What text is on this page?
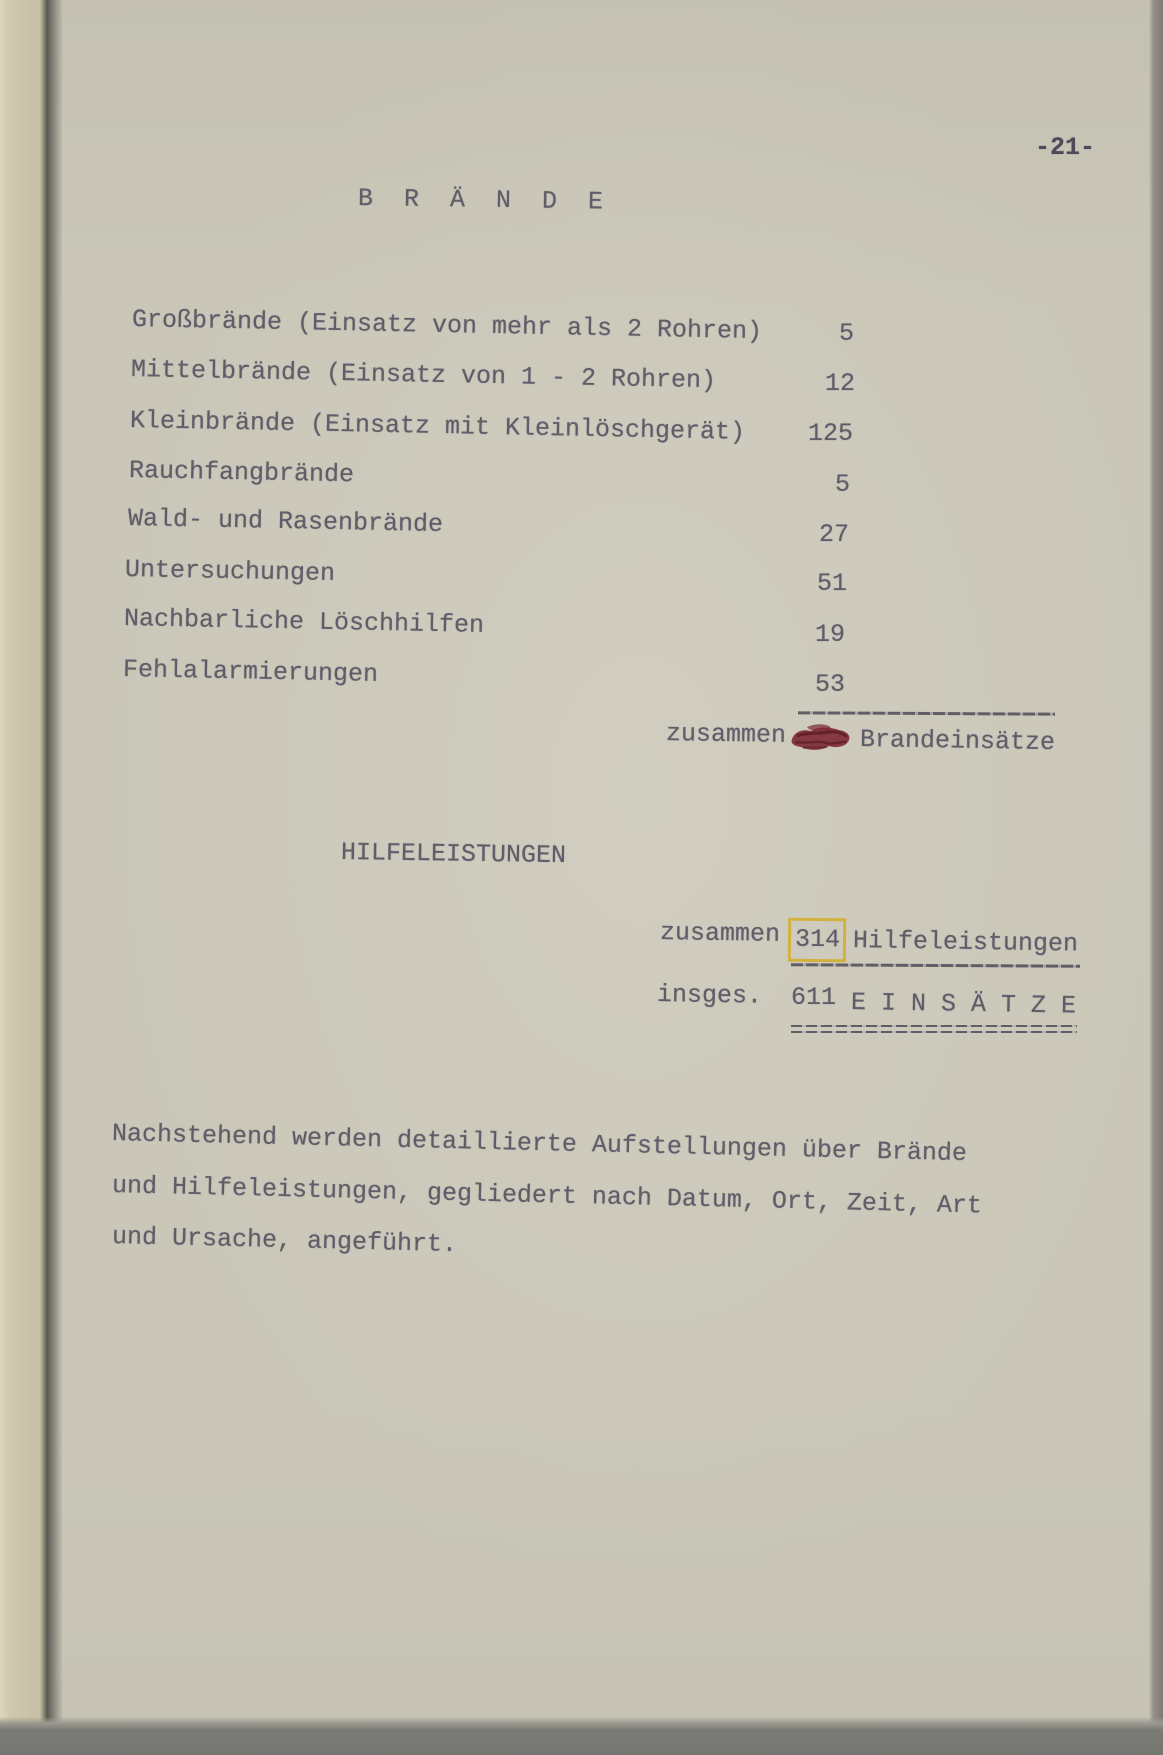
-21-
B R Ä N D E
Großbrände (Einsatz von mehr als 2 Rohren)	5
Mittelbrände (Einsatz von 1 - 2 Rohren)	12
Kleinbrände (Einsatz mit Kleinlöschgerät)	125
Rauchfangbrände	5
Wald- und Rasenbrände	27
Untersuchungen	51
Nachbarliche Löschhilfen	19
Fehlalarmierungen	53
zusammen	Brandeinsätze
HILFELEISTUNGEN
zusammen 314 Hilfeleistungen
insges. 611 E I N S Ä T Z E
Nachstehend werden detaillierte Aufstellungen über Brände
und Hilfeleistungen, gegliedert nach Datum, Ort, Zeit, Art
und Ursache, angeführt.
